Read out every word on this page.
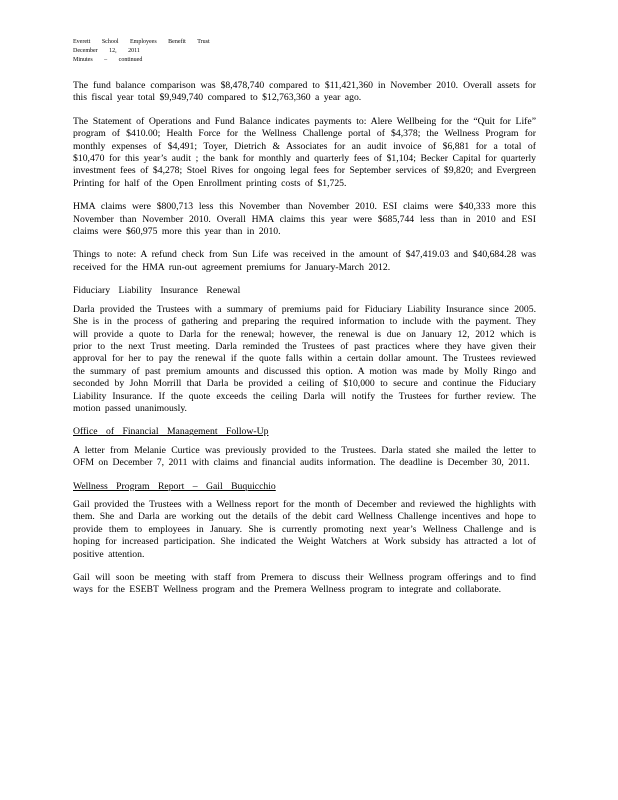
Everett School Employees Benefit Trust
December 12, 2011
Minutes – continued

The fund balance comparison was $8,478,740 compared to $11,421,360 in November 2010. Overall assets for this fiscal year total $9,949,740 compared to $12,763,360 a year ago.

The Statement of Operations and Fund Balance indicates payments to: Alere Wellbeing for the “Quit for Life” program of $410.00; Health Force for the Wellness Challenge portal of $4,378; the Wellness Program for monthly expenses of $4,491; Toyer, Dietrich & Associates for an audit invoice of $6,881 for a total of $10,470 for this year’s audit ; the bank for monthly and quarterly fees of $1,104; Becker Capital for quarterly investment fees of $4,278; Stoel Rives for ongoing legal fees for September services of $9,820; and Evergreen Printing for half of the Open Enrollment printing costs of $1,725.

HMA claims were $800,713 less this November than November 2010. ESI claims were $40,333 more this November than November 2010. Overall HMA claims this year were $685,744 less than in 2010 and ESI claims were $60,975 more this year than in 2010.

Things to note: A refund check from Sun Life was received in the amount of $47,419.03 and $40,684.28 was received for the HMA run-out agreement premiums for January-March 2012.

Fiduciary Liability Insurance Renewal

Darla provided the Trustees with a summary of premiums paid for Fiduciary Liability Insurance since 2005. She is in the process of gathering and preparing the required information to include with the payment. They will provide a quote to Darla for the renewal; however, the renewal is due on January 12, 2012 which is prior to the next Trust meeting. Darla reminded the Trustees of past practices where they have given their approval for her to pay the renewal if the quote falls within a certain dollar amount. The Trustees reviewed the summary of past premium amounts and discussed this option. A motion was made by Molly Ringo and seconded by John Morrill that Darla be provided a ceiling of $10,000 to secure and continue the Fiduciary Liability Insurance. If the quote exceeds the ceiling Darla will notify the Trustees for further review. The motion passed unanimously.

Office of Financial Management Follow-Up

A letter from Melanie Curtice was previously provided to the Trustees. Darla stated she mailed the letter to OFM on December 7, 2011 with claims and financial audits information. The deadline is December 30, 2011.

Wellness Program Report – Gail Buquicchio

Gail provided the Trustees with a Wellness report for the month of December and reviewed the highlights with them. She and Darla are working out the details of the debit card Wellness Challenge incentives and hope to provide them to employees in January. She is currently promoting next year’s Wellness Challenge and is hoping for increased participation. She indicated the Weight Watchers at Work subsidy has attracted a lot of positive attention.

Gail will soon be meeting with staff from Premera to discuss their Wellness program offerings and to find ways for the ESEBT Wellness program and the Premera Wellness program to integrate and collaborate.
